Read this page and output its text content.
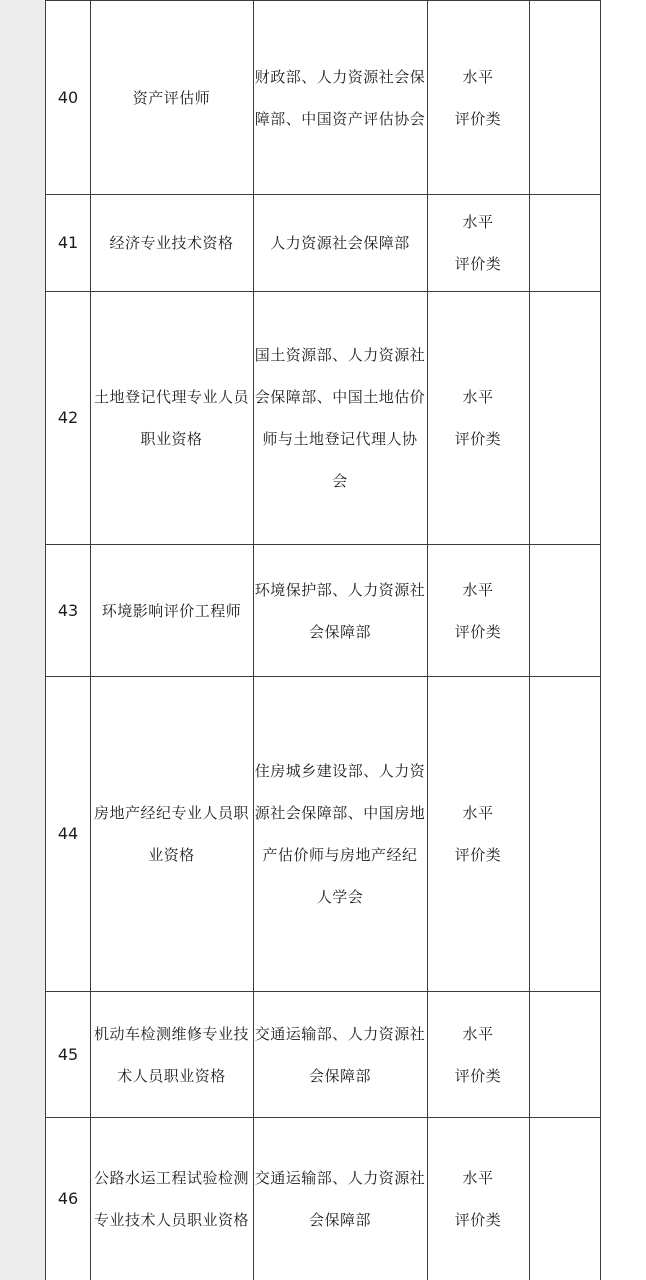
40	资产评估师
财政部、人力资源社会保
障部、中国资产评估协会
水平
评价类
41 经济专业技术资格 人力资源社会保障部
水平
评价类
42
土地登记代理专业人员
职业资格
国土资源部、人力资源社
会保障部、中国土地估价
师与土地登记代理人协
会
水平
评价类
43 环境影响评价工程师
环境保护部、人力资源社
会保障部
水平
评价类
44
房地产经纪专业人员职
业资格
住房城乡建设部、人力资
源社会保障部、中国房地
产估价师与房地产经纪
人学会
水平
评价类
45
机动车检测维修专业技
术人员职业资格
交通运输部、人力资源社
会保障部
水平
评价类
46
公路水运工程试验检测
专业技术人员职业资格
交通运输部、人力资源社
会保障部
水平
评价类
